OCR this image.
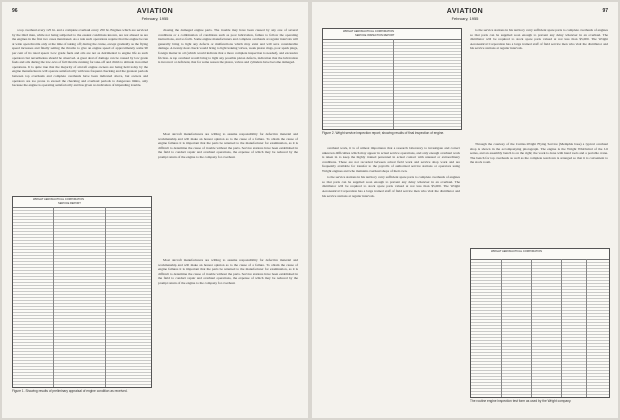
96	AVIATION
February, 1955

a top overhaul every 125 hr. and a complete overhaul every 250 hr. Engines which are serviced by the third man, while not being subjected to the easiest conditions known, are not abused as are the engines in the first two cases mentioned. As a rule such operations require that the engine be run at wide open throttle only at the time of taking off; during the cruise, except gradually as the flying speed increases and finally setting the throttle to give an engine speed of approximately some 90 per cent of its rated speed. Low grade fuels and oils are not as detrimental to engine life as such operators but nevertheless should be observed. A great deal of damage can be caused by low grade fuels and oils during the low-revs of full throttle running for take-off and climb to altitude in normal operations. It is quite true that the majority of aircraft engine owners are being held today by the engine manufacturers will operate satisfactorily with less frequent checking and the greatest periods between top overhauls and complete overhauls have been indicated above, but owners and operators are too prone to exceed the checking and overhaul periods to dangerous limits, only because the engine is operating satisfactorily and has given no indication of impending trouble.

chasing the damaged engine parts. The trouble may have been caused by any one of several conditions or a combination of conditions such as poor lubrication, failure to follow the operating instructions, and so forth. Some engine manufacturers and complete overhauls at regular intervals will generally bring to light any defects or malfunctions which may exist and will save considerable damage. A twenty-hour check would bring to light leaking valves, weak piston rings, poor spark plugs, foreign matter in oil (which would indicate that a more complete inspection is needed), and excessive friction. A top overhaul would bring to light any possible piston defects, indication that the lubrication is incorrect or deficient, that for some reason the piston, valves and cylinders have become damaged.

Most aircraft manufacturers are willing to assume responsibility for defective material and workmanship and will make an honest opinion as to the cause of a failure. To obtain the cause of engine failures it is important that the parts be returned to the manufacturer for examination, as it is difficult to determine the cause of trouble without the parts. Service stations have been established in the field to conduct repair and overhaul operations, the expense of which may be reduced by the prompt return of the engine to the company for overhaul.

WRIGHT AERONAUTICAL CORPORATION
SERVICE REPORT
Figure 1. Showing results of preliminary appraisal of engine condition as received.

Most aircraft manufacturers are willing to assume responsibility for defective material and workmanship and will make an honest opinion as to the cause of a failure. To obtain the cause of engine failures it is important that the parts be returned to the manufacturer for examination, as it is difficult to determine the cause of trouble without the parts. Service stations have been established in the field to conduct repair and overhaul operations, the expense of which may be reduced by the prompt return of the engine to the company for overhaul.

97
AVIATION
February, 1955
WRIGHT AERONAUTICAL CORPORATION
SERVICE INSPECTION REPORT
Figure 2. Wright service inspection report; showing results of final inspection of engine.

overhaul work, it is of utmost importance that a research laboratory to investigate and correct unknown difficulties which may appear in actual service operations, and only enough overhaul work is taken in to keep the highly trained personnel in actual contact with unusual or extraordinary conditions. These are not recorded between actual field work and service shop work and are frequently available for transfer to the payrolls of authorized service stations or operators using Wright engines and who maintain overhaul shops of their own.

to the service stations in his territory carry sufficient spare parts to complete overhauls of engines so that parts can be supplied soon enough to prevent any delay whatever in an overhaul. The distributor will be required to stock spare parts valued at not less than $5,000. The Wright Aeronautical Corporation has a large trained staff of field service men who visit the distributor and his service stations at regular intervals.

to the service stations in his territory carry sufficient spare parts to complete overhauls of engines so that parts can be supplied soon enough to prevent any delay whatever in an overhaul. The distributor will be required to stock spare parts valued at not less than $5,000. The Wright Aeronautical Corporation has a large trained staff of field service men who visit the distributor and his service stations at regular intervals.

Through the courtesy of the Curtiss-Wright Flying Service (Memphis base) a typical overhaul shop is shown in the accompanying photograph. The engine is the Wright Whirlwind of the J-6 series, and an assembly bench is on the right; the work is done with hand tools and a portable crane. The bench for top overhauls as well as the complete teardown is arranged so that it is convenient to the stock room.

WRIGHT AERONAUTICAL CORPORATION
The routine engine inspection test form as used by the Wright company.
